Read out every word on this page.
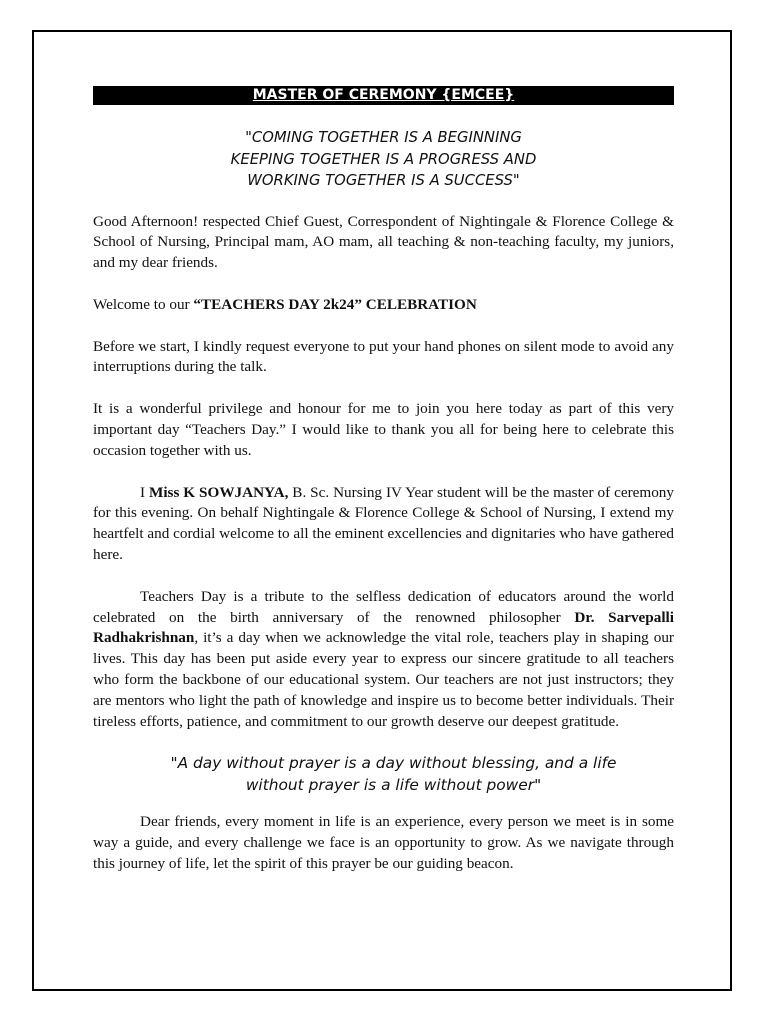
MASTER OF CEREMONY {EMCEE}
"COMING TOGETHER IS A BEGINNING
KEEPING TOGETHER IS A PROGRESS AND
WORKING TOGETHER IS A SUCCESS"

Good Afternoon! respected Chief Guest, Correspondent of Nightingale & Florence College & School of Nursing, Principal mam, AO mam, all teaching & non-teaching faculty, my juniors, and my dear friends.

Welcome to our “TEACHERS DAY 2k24” CELEBRATION

Before we start, I kindly request everyone to put your hand phones on silent mode to avoid any interruptions during the talk.

It is a wonderful privilege and honour for me to join you here today as part of this very important day “Teachers Day.” I would like to thank you all for being here to celebrate this occasion together with us.

I Miss K SOWJANYA, B. Sc. Nursing IV Year student will be the master of ceremony for this evening. On behalf Nightingale & Florence College & School of Nursing, I extend my heartfelt and cordial welcome to all the eminent excellencies and dignitaries who have gathered here.

Teachers Day is a tribute to the selfless dedication of educators around the world celebrated on the birth anniversary of the renowned philosopher Dr. Sarvepalli Radhakrishnan, it’s a day when we acknowledge the vital role, teachers play in shaping our lives. This day has been put aside every year to express our sincere gratitude to all teachers who form the backbone of our educational system. Our teachers are not just instructors; they are mentors who light the path of knowledge and inspire us to become better individuals. Their tireless efforts, patience, and commitment to our growth deserve our deepest gratitude.

"A day without prayer is a day without blessing, and a life
without prayer is a life without power"

Dear friends, every moment in life is an experience, every person we meet is in some way a guide, and every challenge we face is an opportunity to grow. As we navigate through this journey of life, let the spirit of this prayer be our guiding beacon.
